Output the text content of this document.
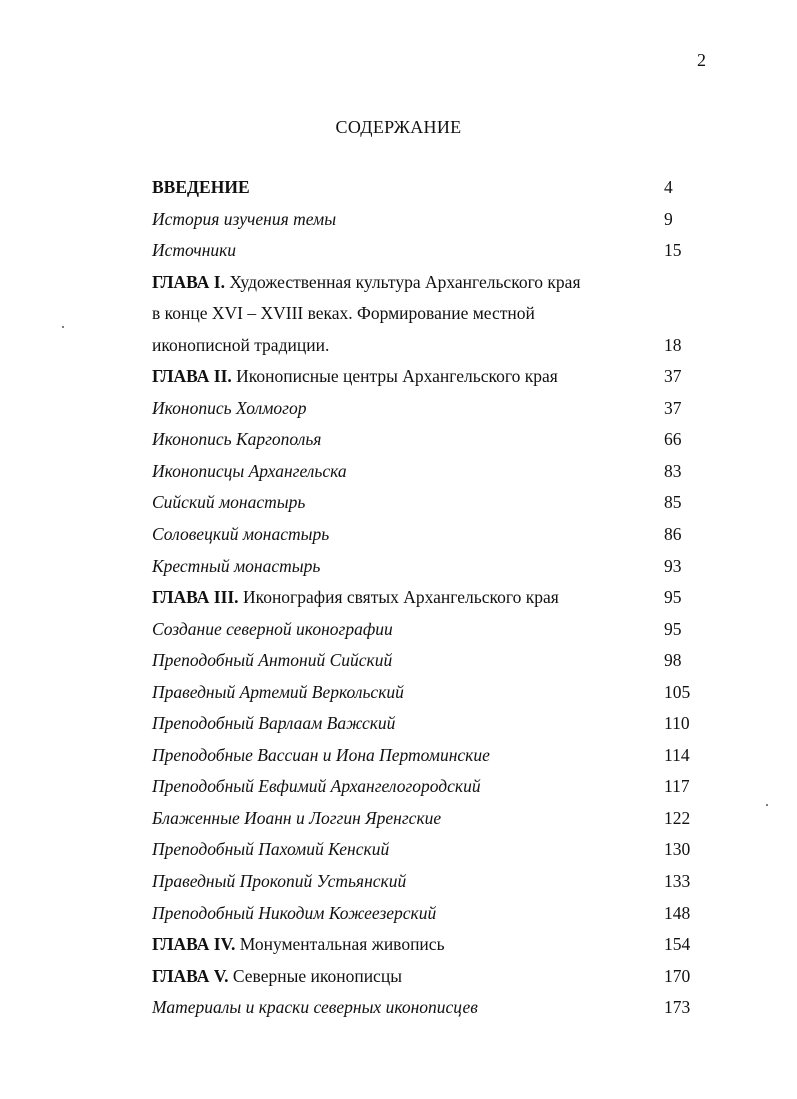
2
СОДЕРЖАНИЕ
ВВЕДЕНИЕ	4
История изучения темы	9
Источники	15
ГЛАВА I. Художественная культура Архангельского края
в конце XVI – XVIII веках. Формирование местной
иконописной традиции.	18
ГЛАВА II. Иконописные центры Архангельского края	37
Иконопись Холмогор	37
Иконопись Каргополья	66
Иконописцы Архангельска	83
Сийский монастырь	85
Соловецкий монастырь	86
Крестный монастырь	93
ГЛАВА III. Иконография святых Архангельского края	95
Создание северной иконографии	95
Преподобный Антоний Сийский	98
Праведный Артемий Веркольский	105
Преподобный Варлаам Важский	110
Преподобные Вассиан и Иона Пертоминские	114
Преподобный Евфимий Архангелогородский	117
Блаженные Иоанн и Логгин Яренгские	122
Преподобный Пахомий Кенский	130
Праведный Прокопий Устьянский	133
Преподобный Никодим Кожеезерский	148
ГЛАВА IV. Монументальная живопись	154
ГЛАВА V. Северные иконописцы	170
Материалы и краски северных иконописцев	173
